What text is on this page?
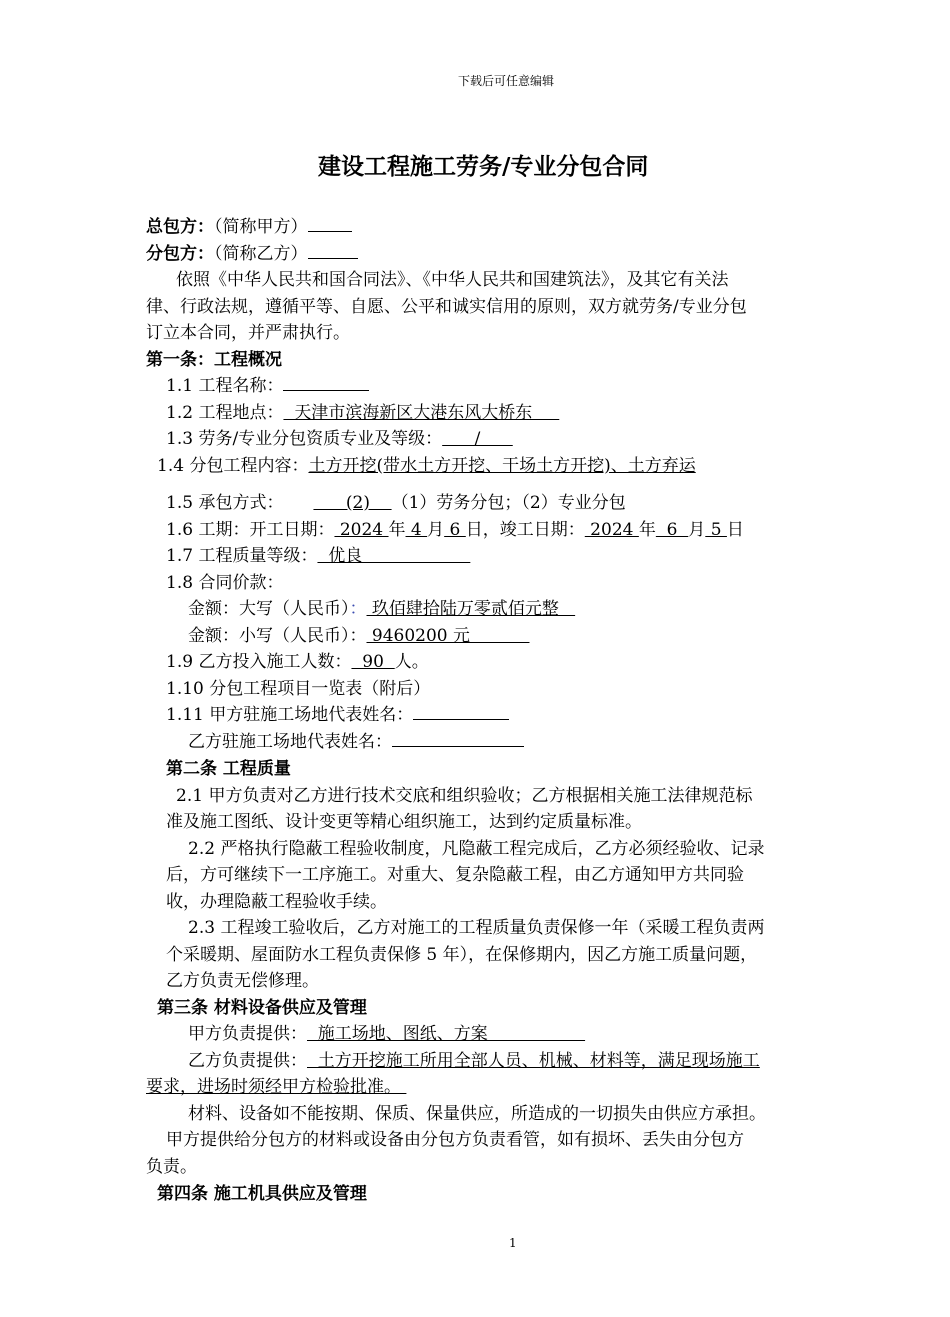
下载后可任意编辑
建设工程施工劳务/专业分包合同
总包方：（简称甲方）
分包方：（简称乙方）
依照《中华人民共和国合同法》、《中华人民共和国建筑法》，及其它有关法
律、行政法规，遵循平等、自愿、公平和诚实信用的原则，双方就劳务/专业分包
订立本合同，并严肃执行。
第一条：工程概况
1.1 工程名称：
1.2 工程地点：  天津市滨海新区大港东风大桥东
1.3 劳务/专业分包资质专业及等级：      /
1.4 分包工程内容：土方开挖(带水土方开挖、干场土方开挖)、土方弃运
1.5 承包方式：      (2)    （1）劳务分包；（2）专业分包
1.6 工期：开工日期： 2024 年 4 月 6 日，竣工日期： 2024 年  6  月 5 日
1.7 工程质量等级：  优良
1.8 合同价款：
金额：大写（人民币）： 玖佰肆拾陆万零贰佰元整
金额：小写（人民币）： 9460200 元
1.9 乙方投入施工人数：  90  人。
1.10 分包工程项目一览表（附后）
1.11 甲方驻施工场地代表姓名：
乙方驻施工场地代表姓名：
第二条 工程质量
2.1 甲方负责对乙方进行技术交底和组织验收；乙方根据相关施工法律规范标
准及施工图纸、设计变更等精心组织施工，达到约定质量标准。
2.2 严格执行隐蔽工程验收制度，凡隐蔽工程完成后，乙方必须经验收、记录
后，方可继续下一工序施工。对重大、复杂隐蔽工程，由乙方通知甲方共同验
收，办理隐蔽工程验收手续。
2.3 工程竣工验收后，乙方对施工的工程质量负责保修一年（采暖工程负责两
个采暖期、屋面防水工程负责保修 5 年），在保修期内，因乙方施工质量问题，
乙方负责无偿修理。
第三条 材料设备供应及管理
甲方负责提供：  施工场地、图纸、方案
乙方负责提供：  土方开挖施工所用全部人员、机械、材料等，满足现场施工
要求，进场时须经甲方检验批准。
材料、设备如不能按期、保质、保量供应，所造成的一切损失由供应方承担。
甲方提供给分包方的材料或设备由分包方负责看管，如有损坏、丢失由分包方
负责。
第四条 施工机具供应及管理
1
